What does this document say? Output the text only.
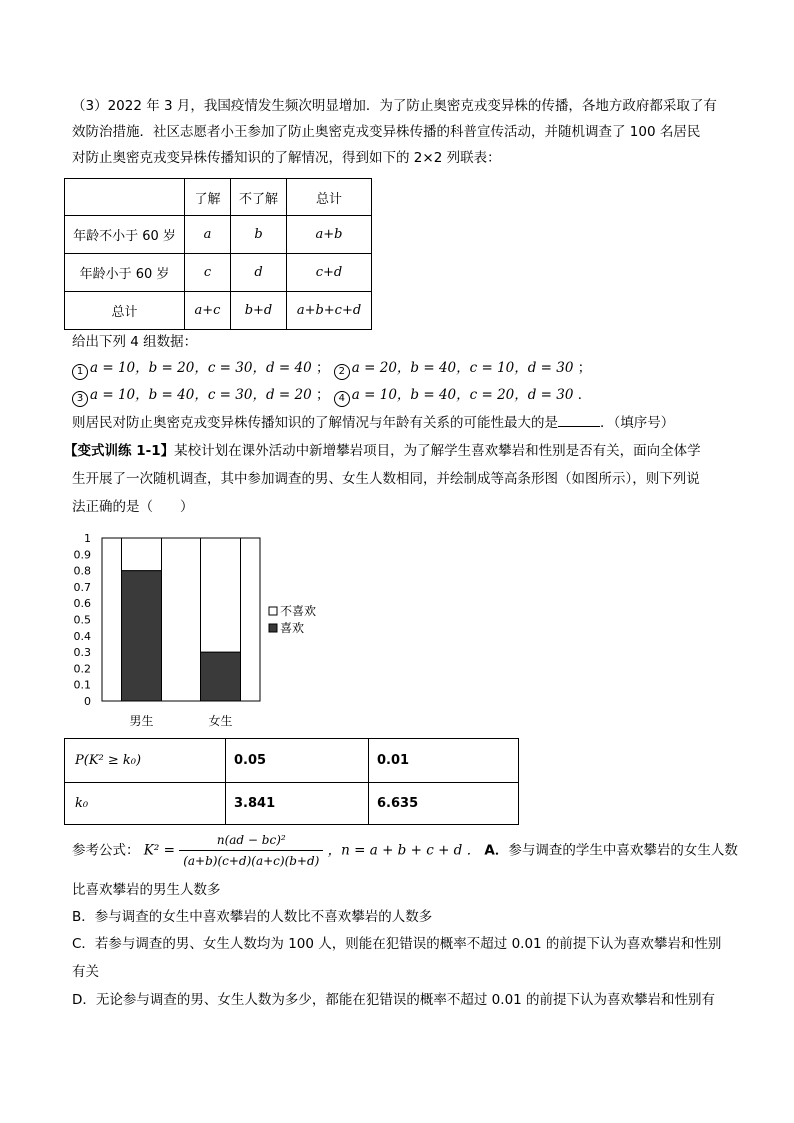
（3）2022 年 3 月，我国疫情发生频次明显增加．为了防止奥密克戎变异株的传播，各地方政府都采取了有
效防治措施．社区志愿者小王参加了防止奥密克戎变异株传播的科普宣传活动，并随机调查了 100 名居民
对防止奥密克戎变异株传播知识的了解情况，得到如下的 2×2 列联表：
	了解	不了解	总计
年龄不小于 60 岁	a	b	a+b
年龄小于 60 岁	c	d	c+d
总计	a+c	b+d	a+b+c+d
给出下列 4 组数据：
1 a = 10，b = 20，c = 30，d = 40 ； 2 a = 20，b = 40，c = 10，d = 30 ；
3 a = 10，b = 40，c = 30，d = 20 ； 4 a = 10，b = 40，c = 20，d = 30 ．
则居民对防止奥密克戎变异株传播知识的了解情况与年龄有关系的可能性最大的是	．（填序号）
【变式训练 1-1】某校计划在课外活动中新增攀岩项目，为了解学生喜欢攀岩和性别是否有关，面向全体学
生开展了一次随机调查，其中参加调查的男、女生人数相同，并绘制成等高条形图（如图所示），则下列说
法正确的是（　　）
0
0.1
0.2
0.3
0.4
0.5
0.6
0.7
0.8
0.9
1
男生	女生
不喜欢
喜欢
P(K² ≥ k₀)	0.05	0.01
k₀	3.841	6.635
参考公式： $K^2 = \frac{\text{n(ad − bc)²}}{(a+b)(c+d)(a+c)(b+d)}$ ，n = a + b + c + d ． A．参与调查的学生中喜欢攀岩的女生人数
比喜欢攀岩的男生人数多
B．参与调查的女生中喜欢攀岩的人数比不喜欢攀岩的人数多
C．若参与调查的男、女生人数均为 100 人，则能在犯错误的概率不超过 0.01 的前提下认为喜欢攀岩和性别
有关
D．无论参与调查的男、女生人数为多少，都能在犯错误的概率不超过 0.01 的前提下认为喜欢攀岩和性别有
